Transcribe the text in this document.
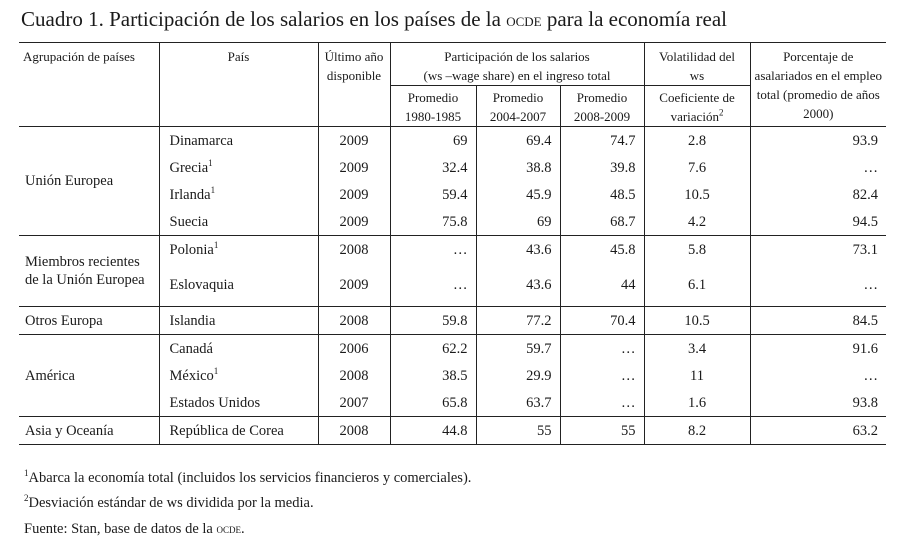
Cuadro 1. Participación de los salarios en los países de la ocde para la economía real
Agrupación de países	País	Último año disponible	Participación de los salarios
(ws –wage share) en el ingreso total			Volatilidad del ws	Porcentaje de asalariados en el empleo total (promedio de años 2000)
			Promedio 1980-1985	Promedio 2004-2007	Promedio 2008-2009	Coeficiente de variación$^2$
Unión Europea	Dinamarca	2009	69	69.4	74.7	2.8	93.9
	Grecia$^1$	2009	32.4	38.8	39.8	7.6	…
	Irlanda$^1$	2009	59.4	45.9	48.5	10.5	82.4
	Suecia	2009	75.8	69	68.7	4.2	94.5
Miembros recientes de la Unión Europea	Polonia$^1$	2008	…	43.6	45.8	5.8	73.1
	Eslovaquia	2009	…	43.6	44	6.1	…
Otros Europa	Islandia	2008	59.8	77.2	70.4	10.5	84.5
América	Canadá	2006	62.2	59.7	…	3.4	91.6
	México$^1$	2008	38.5	29.9	…	11	…
	Estados Unidos	2007	65.8	63.7	…	1.6	93.8
Asia y Oceanía	República de Corea	2008	44.8	55	55	8.2	63.2
$^1$Abarca la economía total (incluidos los servicios financieros y comerciales).
$^2$Desviación estándar de ws dividida por la media.
Fuente: Stan, base de datos de la ocde.
